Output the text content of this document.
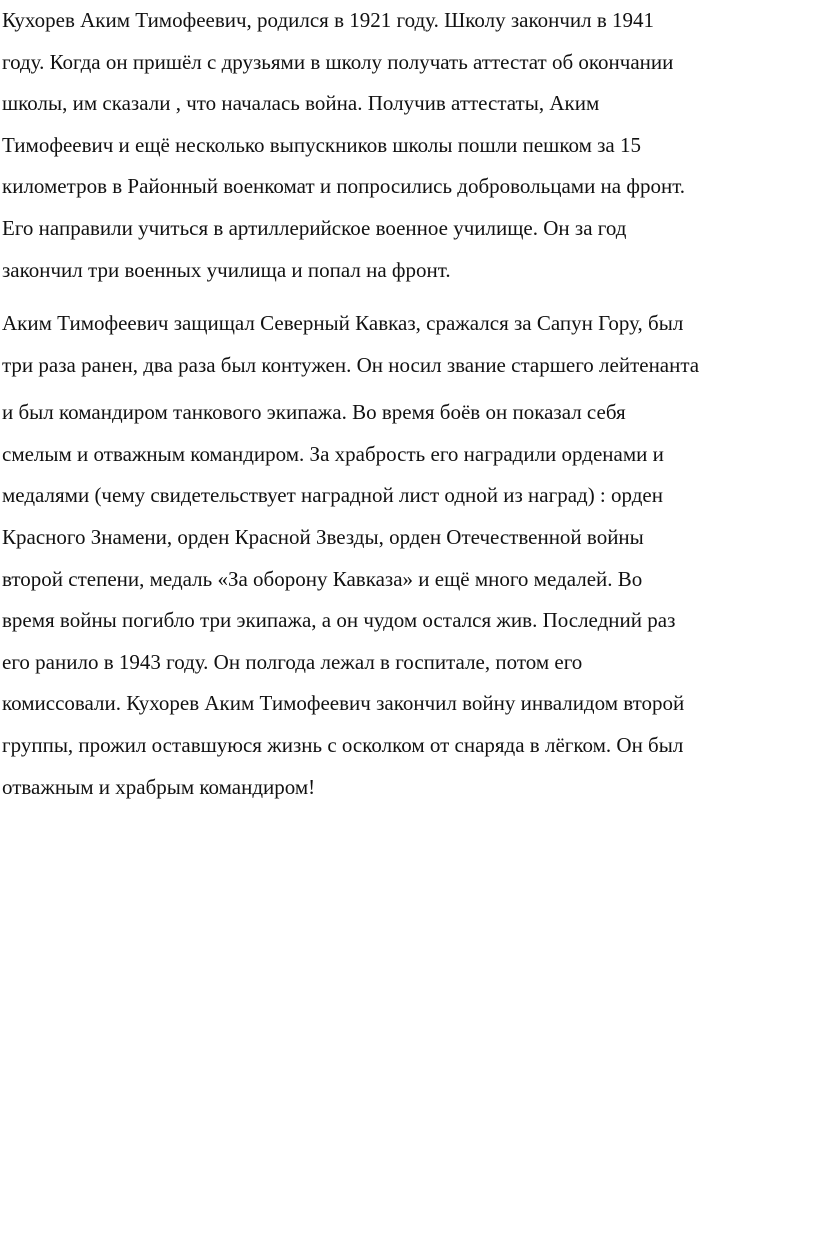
Кухорев Аким Тимофеевич, родился в 1921 году. Школу закончил в 1941
году. Когда он пришёл с друзьями в школу получать аттестат об окончании
школы, им сказали , что началась война. Получив аттестаты, Аким
Тимофеевич и ещё несколько выпускников школы пошли пешком за 15
километров в Районный военкомат и попросились добровольцами на фронт.
Его направили учиться в артиллерийское военное училище. Он за год
закончил три военных училища и попал на фронт.

Аким Тимофеевич защищал Северный Кавказ, сражался за Сапун Гору, был
три раза ранен, два раза был контужен. Он носил звание старшего лейтенанта
и был командиром танкового экипажа. Во время боёв он показал себя
смелым и отважным командиром. За храбрость его наградили орденами и
медалями (чему свидетельствует наградной лист одной из наград) : орден
Красного Знамени, орден Красной Звезды, орден Отечественной войны
второй степени, медаль «За оборону Кавказа» и ещё много медалей. Во
время войны погибло три экипажа, а он чудом остался жив. Последний раз
его ранило в 1943 году. Он полгода лежал в госпитале, потом его
комиссовали. Кухорев Аким Тимофеевич закончил войну инвалидом второй
группы, прожил оставшуюся жизнь с осколком от снаряда в лёгком. Он был
отважным и храбрым командиром!
